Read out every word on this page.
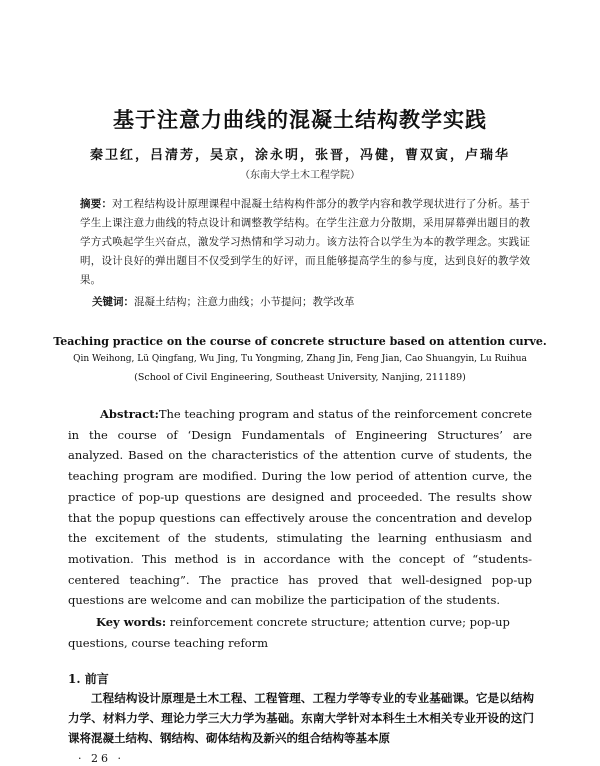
基于注意力曲线的混凝土结构教学实践
秦卫红，吕清芳，吴京，涂永明，张晋，冯健，曹双寅，卢瑞华
（东南大学土木工程学院）
摘要：对工程结构设计原理课程中混凝土结构构件部分的教学内容和教学现状进行了分析。基于学生上课注意力曲线的特点设计和调整教学结构。在学生注意力分散期，采用屏幕弹出题目的教学方式唤起学生兴奋点，激发学习热情和学习动力。该方法符合以学生为本的教学理念。实践证明，设计良好的弹出题目不仅受到学生的好评，而且能够提高学生的参与度，达到良好的教学效果。
关键词：混凝土结构；注意力曲线；小节提问；教学改革
Teaching practice on the course of concrete structure based on attention curve.
Qin Weihong, Lü Qingfang, Wu Jing, Tu Yongming, Zhang Jin, Feng Jian, Cao Shuangyin, Lu Ruihua
(School of Civil Engineering, Southeast University, Nanjing, 211189)
Abstract:The teaching program and status of the reinforcement concrete in the course of ‘Design Fundamentals of Engineering Structures’ are analyzed. Based on the characteristics of the attention curve of students, the teaching program are modified. During the low period of attention curve, the practice of pop-up questions are designed and proceeded. The results show that the popup questions can effectively arouse the concentration and develop the excitement of the students, stimulating the learning enthusiasm and motivation. This method is in accordance with the concept of “students-centered teaching”. The practice has proved that well-designed pop-up questions are welcome and can mobilize the participation of the students.
Key words: reinforcement concrete structure; attention curve; pop-up questions, course teaching reform
1. 前言
工程结构设计原理是土木工程、工程管理、工程力学等专业的专业基础课。它是以结构力学、材料力学、理论力学三大力学为基础。东南大学针对本科生土木相关专业开设的这门课将混凝土结构、钢结构、砌体结构及新兴的组合结构等基本原
· 26 ·
